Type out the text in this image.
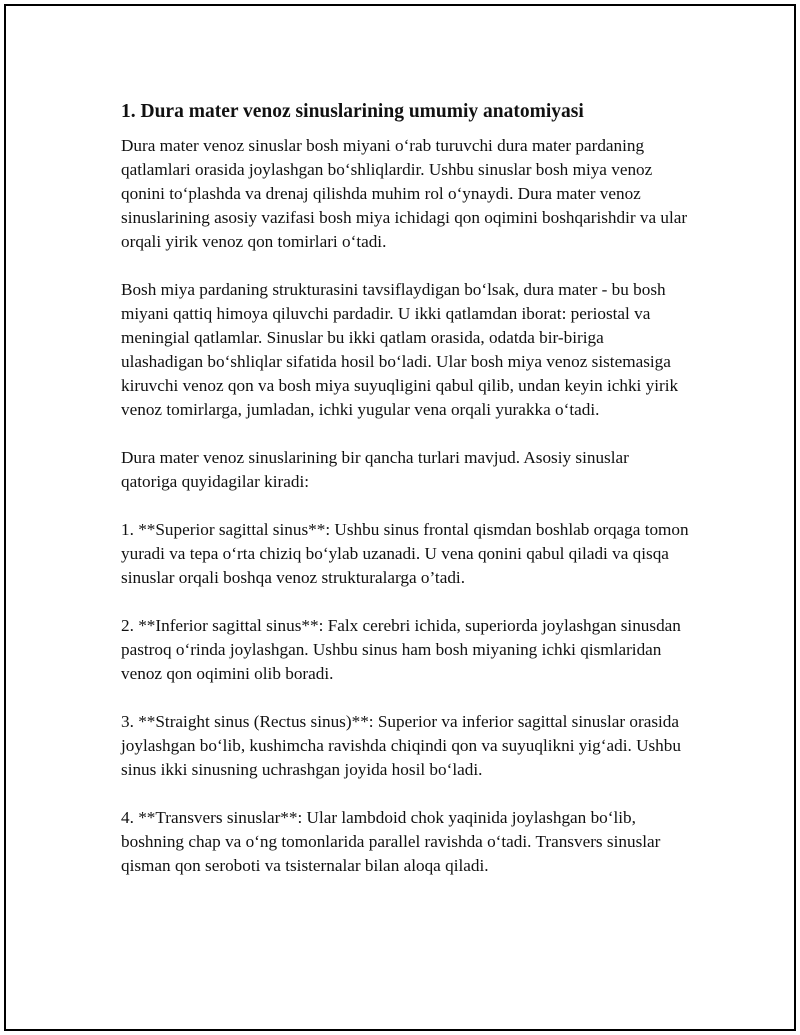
1. Dura mater venoz sinuslarining umumiy anatomiyasi

Dura mater venoz sinuslar bosh miyani o‘rab turuvchi dura mater pardaning qatlamlari orasida joylashgan bo‘shliqlardir. Ushbu sinuslar bosh miya venoz qonini to‘plashda va drenaj qilishda muhim rol o‘ynaydi. Dura mater venoz sinuslarining asosiy vazifasi bosh miya ichidagi qon oqimini boshqarishdir va ular orqali yirik venoz qon tomirlari o‘tadi.

Bosh miya pardaning strukturasini tavsiflaydigan bo‘lsak, dura mater - bu bosh miyani qattiq himoya qiluvchi pardadir. U ikki qatlamdan iborat: periostal va meningial qatlamlar. Sinuslar bu ikki qatlam orasida, odatda bir-biriga ulashadigan bo‘shliqlar sifatida hosil bo‘ladi. Ular bosh miya venoz sistemasiga kiruvchi venoz qon va bosh miya suyuqligini qabul qilib, undan keyin ichki yirik venoz tomirlarga, jumladan, ichki yugular vena orqali yurakka o‘tadi.

Dura mater venoz sinuslarining bir qancha turlari mavjud. Asosiy sinuslar qatoriga quyidagilar kiradi:

1. **Superior sagittal sinus**: Ushbu sinus frontal qismdan boshlab orqaga tomon yuradi va tepa o‘rta chiziq bo‘ylab uzanadi. U vena qonini qabul qiladi va qisqa sinuslar orqali boshqa venoz strukturalarga o’tadi.

2. **Inferior sagittal sinus**: Falx cerebri ichida, superiorda joylashgan sinusdan pastroq o‘rinda joylashgan. Ushbu sinus ham bosh miyaning ichki qismlaridan venoz qon oqimini olib boradi.

3. **Straight sinus (Rectus sinus)**: Superior va inferior sagittal sinuslar orasida joylashgan bo‘lib, kushimcha ravishda chiqindi qon va suyuqlikni yig‘adi. Ushbu sinus ikki sinusning uchrashgan joyida hosil bo‘ladi.

4. **Transvers sinuslar**: Ular lambdoid chok yaqinida joylashgan bo‘lib, boshning chap va o‘ng tomonlarida parallel ravishda o‘tadi. Transvers sinuslar qisman qon seroboti va tsisternalar bilan aloqa qiladi.
